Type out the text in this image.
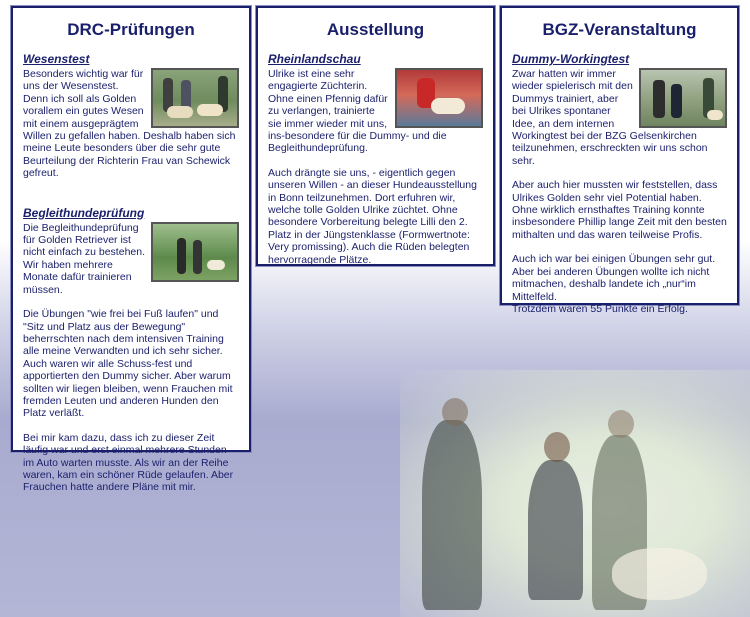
DRC-Prüfungen
Wesenstest

Besonders wichtig war für uns der Wesenstest. Denn ich soll als Golden vorallem ein gutes Wesen mit einem ausgeprägtem Willen zu gefallen haben. Deshalb haben sich meine Leute besonders über die sehr gute Beurteilung der Richterin Frau van Schewick gefreut.

Begleithundeprüfung

Die Begleithundeprüfung für Golden Retriever ist nicht einfach zu bestehen. Wir haben mehrere Monate dafür trainieren müssen.

Die Übungen "wie frei bei Fuß laufen" und "Sitz und Platz aus der Bewegung" beherrschten nach dem intensiven Training alle meine Verwandten und ich sehr sicher. Auch waren wir alle Schuss-fest und apportierten den Dummy sicher. Aber warum sollten wir liegen bleiben, wenn Frauchen mit fremden Leuten und anderen Hunden den Platz verläßt.

Bei mir kam dazu, dass ich zu dieser Zeit läufig war und erst einmal mehrere Stunden im Auto warten musste. Als wir an der Reihe waren, kam ein schöner Rüde gelaufen. Aber Frauchen hatte andere Pläne mit mir.

Ausstellung
Rheinlandschau

Ulrike ist eine sehr engagierte Züchterin. Ohne einen Pfennig dafür zu verlangen, trainierte sie immer wieder mit uns, ins-besondere für die Dummy- und die Begleithundeprüfung.

Auch drängte sie uns, - eigentlich gegen unseren Willen - an dieser Hundeausstellung in Bonn teilzunehmen. Dort erfuhren wir, welche tolle Golden Ulrike züchtet. Ohne besondere Vorbereitung belegte Lilli den 2. Platz in der Jüngstenklasse (Formwertnote: Very promissing). Auch die Rüden belegten hervorragende Plätze.

BGZ-Veranstaltung
Dummy-Workingtest

Zwar hatten wir immer wieder spielerisch mit den Dummys trainiert, aber bei Ulrikes spontaner Idee, an dem internen Workingtest bei der BZG Gelsenkirchen teilzunehmen, erschreckten wir uns schon sehr.

Aber auch hier mussten wir feststellen, dass Ulrikes Golden sehr viel Potential haben. Ohne wirklich ernsthaftes Training konnte insbesondere Phillip lange Zeit mit den besten mithalten und das waren teilweise Profis.

Auch ich war bei einigen Übungen sehr gut. Aber bei anderen Übungen wollte ich nicht mitmachen, deshalb landete ich „nur“im Mittelfeld.
Trotzdem waren 55 Punkte ein Erfolg.
